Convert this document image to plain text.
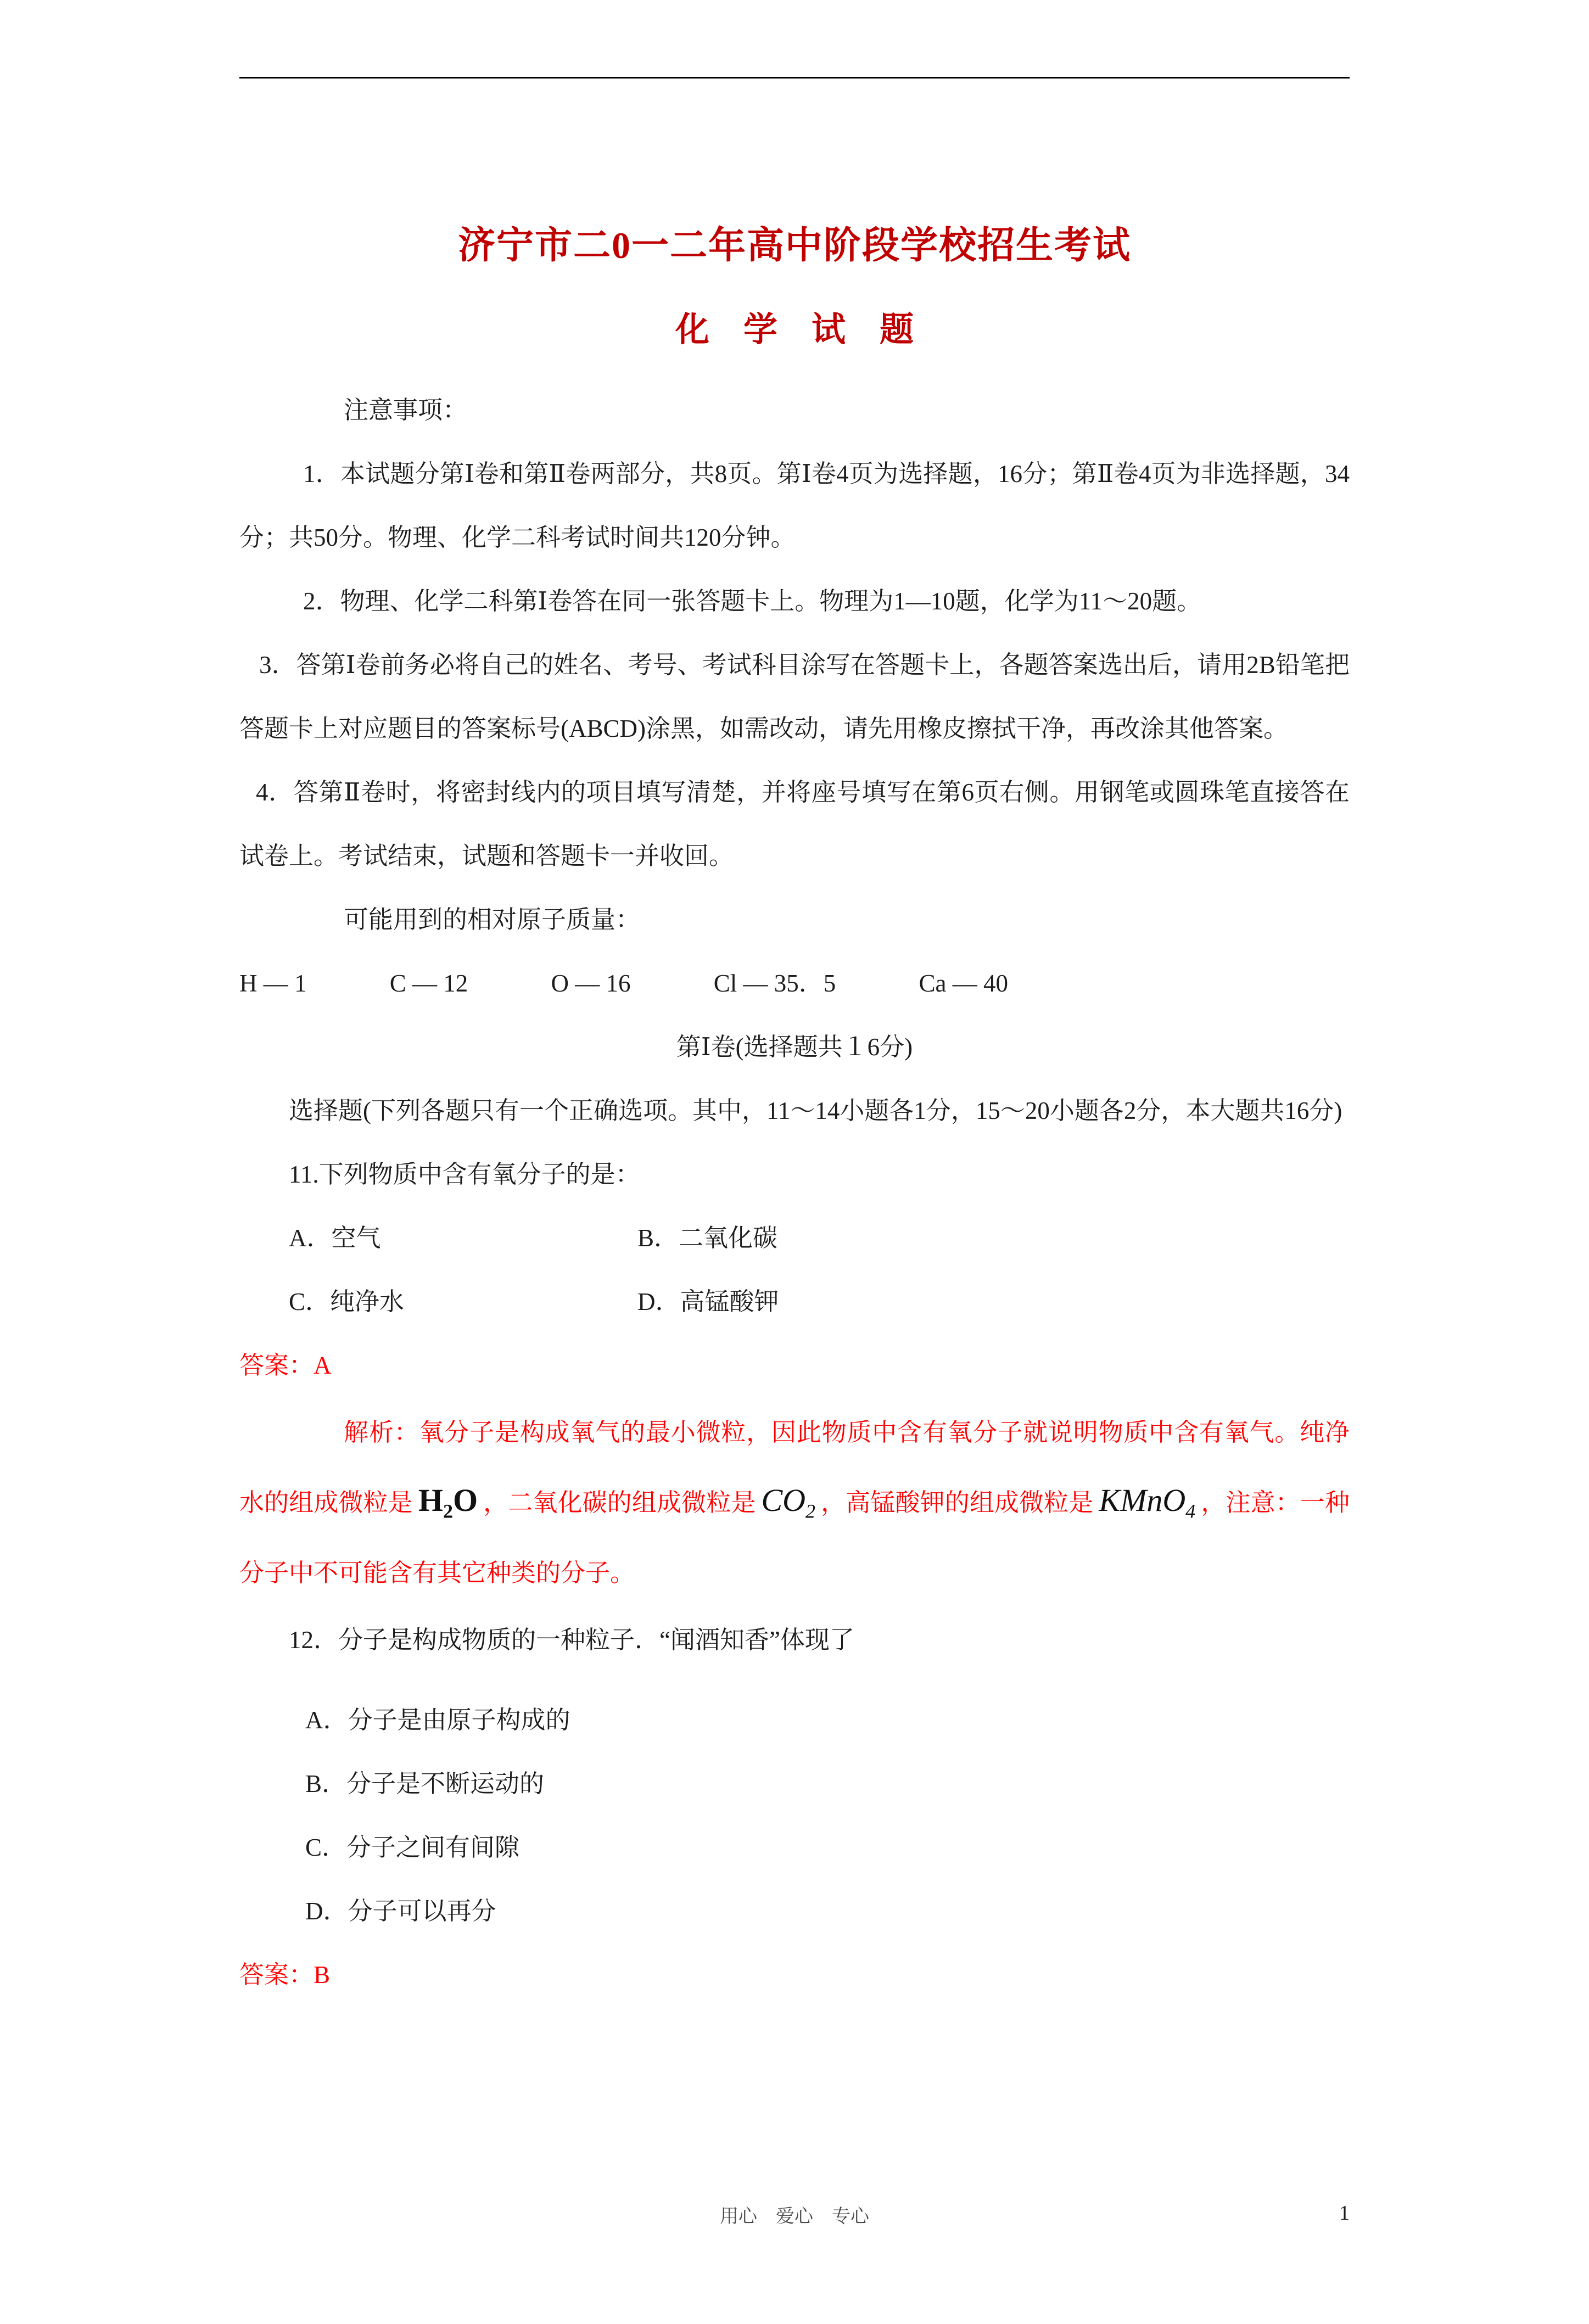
济宁市二0一二年高中阶段学校招生考试
化　学　试　题

注意事项：

1．本试题分第Ⅰ卷和第Ⅱ卷两部分，共8页。第Ⅰ卷4页为选择题，16分；第Ⅱ卷4页为非选择题，34分；共50分。物理、化学二科考试时间共120分钟。

2．物理、化学二科第Ⅰ卷答在同一张答题卡上。物理为1—10题，化学为11～20题。

3．答第Ⅰ卷前务必将自己的姓名、考号、考试科目涂写在答题卡上，各题答案选出后，请用2B铅笔把答题卡上对应题目的答案标号(ABCD)涂黑，如需改动，请先用橡皮擦拭干净，再改涂其他答案。

4．答第Ⅱ卷时，将密封线内的项目填写清楚，并将座号填写在第6页右侧。用钢笔或圆珠笔直接答在试卷上。考试结束，试题和答题卡一并收回。

可能用到的相对原子质量：

H — 1	C — 12	O — 16	Cl — 35．5	Ca — 40

第Ⅰ卷(选择题共１6分)

选择题(下列各题只有一个正确选项。其中，11～14小题各1分，15～20小题各2分，本大题共16分)

11.下列物质中含有氧分子的是：

A．空气	B．二氧化碳
C．纯净水	D．高锰酸钾

答案：A

解析：氧分子是构成氧气的最小微粒，因此物质中含有氧分子就说明物质中含有氧气。纯净水的组成微粒是 $H_2O$ ，二氧化碳的组成微粒是 $CO_2$ ，高锰酸钾的组成微粒是 KMnO$_4$ ，注意：一种分子中不可能含有其它种类的分子。

12．分子是构成物质的一种粒子．“闻酒知香”体现了

A．分子是由原子构成的

B．分子是不断运动的

C．分子之间有间隙

D．分子可以再分

答案：B

用心　爱心　专心	1
